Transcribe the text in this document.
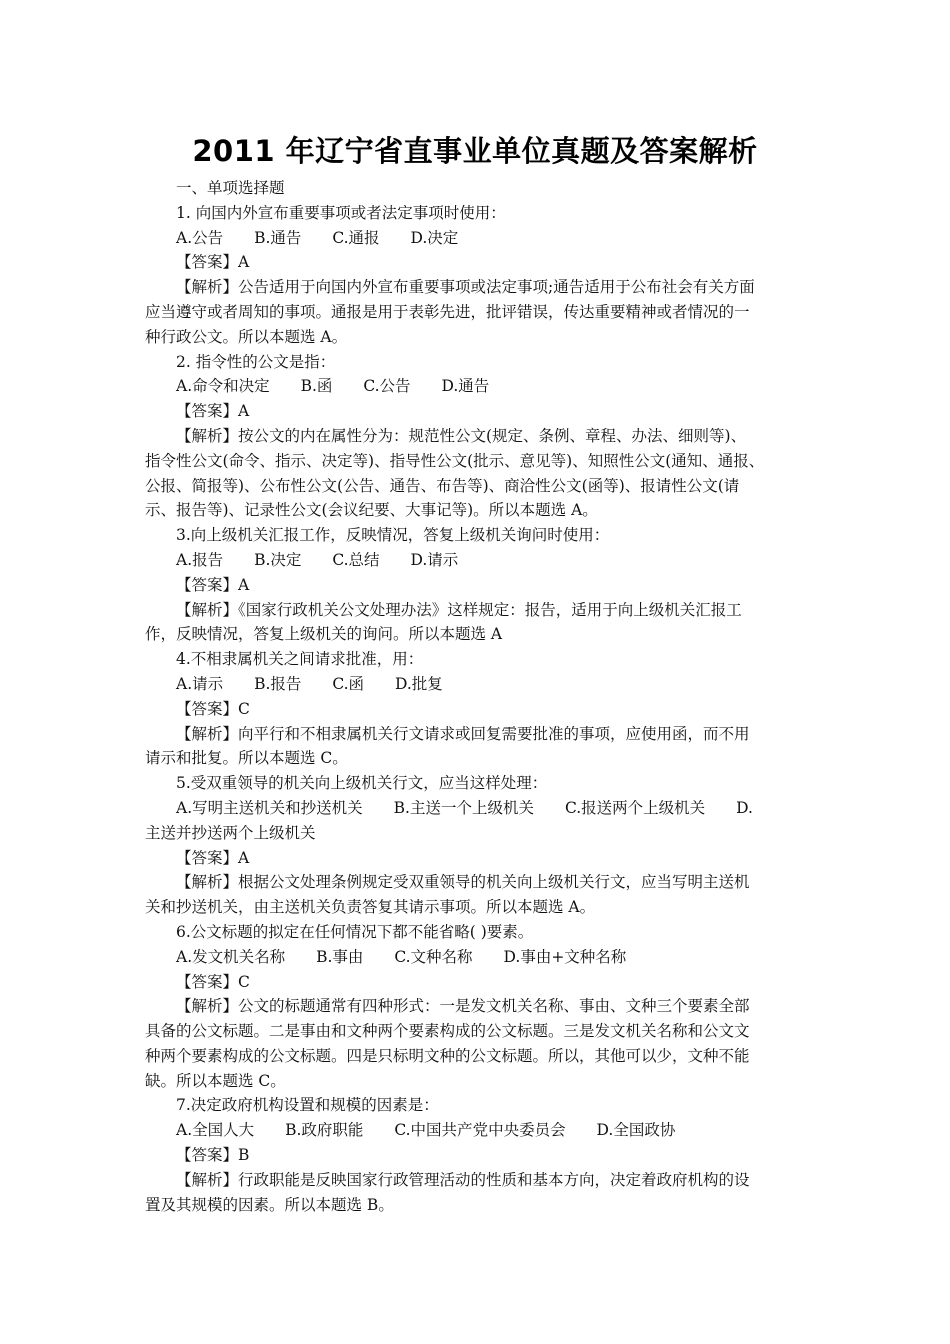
2011 年辽宁省直事业单位真题及答案解析
一、单项选择题
1. 向国内外宣布重要事项或者法定事项时使用：
A.公告 B.通告 C.通报 D.决定
【答案】A
【解析】公告适用于向国内外宣布重要事项或法定事项;通告适用于公布社会有关方面
应当遵守或者周知的事项。通报是用于表彰先进，批评错误，传达重要精神或者情况的一
种行政公文。所以本题选 A。
2. 指令性的公文是指：
A.命令和决定 B.函 C.公告 D.通告
【答案】A
【解析】按公文的内在属性分为：规范性公文(规定、条例、章程、办法、细则等)、
指令性公文(命令、指示、决定等)、指导性公文(批示、意见等)、知照性公文(通知、通报、
公报、简报等)、公布性公文(公告、通告、布告等)、商洽性公文(函等)、报请性公文(请
示、报告等)、记录性公文(会议纪要、大事记等)。所以本题选 A。
3.向上级机关汇报工作，反映情况，答复上级机关询问时使用：
A.报告 B.决定 C.总结 D.请示
【答案】A
【解析】《国家行政机关公文处理办法》这样规定：报告，适用于向上级机关汇报工
作，反映情况，答复上级机关的询问。所以本题选 A
4.不相隶属机关之间请求批准，用：
A.请示 B.报告 C.函 D.批复
【答案】C
【解析】向平行和不相隶属机关行文请求或回复需要批准的事项，应使用函，而不用
请示和批复。所以本题选 C。
5.受双重领导的机关向上级机关行文，应当这样处理：
A.写明主送机关和抄送机关　　B.主送一个上级机关　　C.报送两个上级机关　　D.
主送并抄送两个上级机关
【答案】A
【解析】根据公文处理条例规定受双重领导的机关向上级机关行文，应当写明主送机
关和抄送机关，由主送机关负责答复其请示事项。所以本题选 A。
6.公文标题的拟定在任何情况下都不能省略( )要素。
A.发文机关名称 B.事由 C.文种名称 D.事由+文种名称
【答案】C
【解析】公文的标题通常有四种形式：一是发文机关名称、事由、文种三个要素全部
具备的公文标题。二是事由和文种两个要素构成的公文标题。三是发文机关名称和公文文
种两个要素构成的公文标题。四是只标明文种的公文标题。所以，其他可以少，文种不能
缺。所以本题选 C。
7.决定政府机构设置和规模的因素是：
A.全国人大 B.政府职能 C.中国共产党中央委员会 D.全国政协
【答案】B
【解析】行政职能是反映国家行政管理活动的性质和基本方向，决定着政府机构的设
置及其规模的因素。所以本题选 B。
